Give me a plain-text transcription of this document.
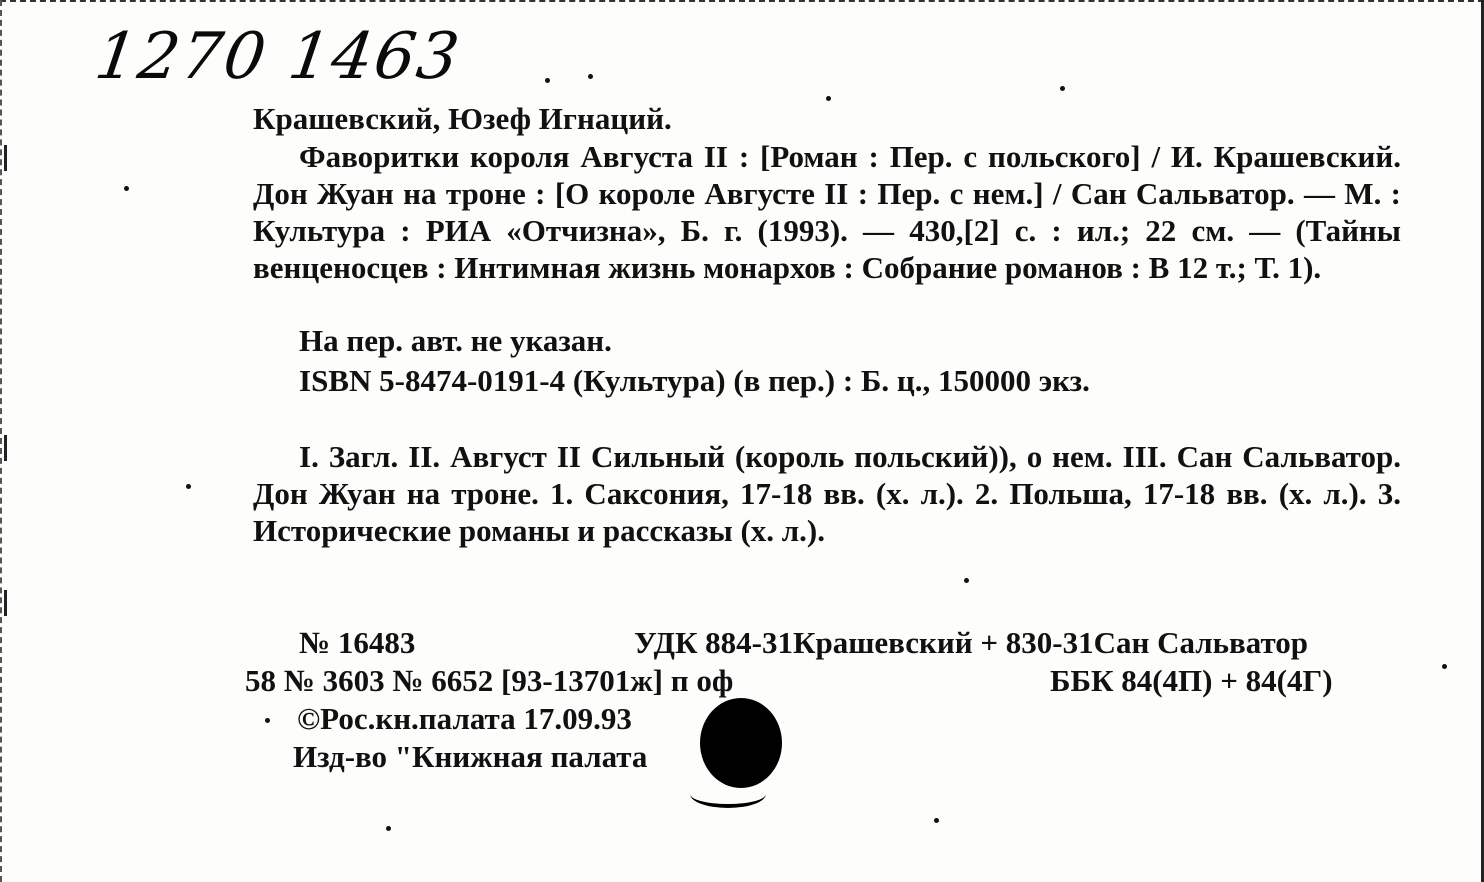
1270 1463
Крашевский, Юзеф Игнаций.
Фаворитки короля Августа II : [Роман : Пер. с польского] / И. Крашевский. Дон Жуан на троне : [О короле Августе II : Пер. с нем.] / Сан Сальватор. — М. : Культура : РИА «Отчизна», Б. г. (1993). — 430,[2] с. : ил.; 22 см. — (Тайны венценосцев : Интимная жизнь монархов : Собрание романов : В 12 т.; Т. 1).
На пер. авт. не указан.
ISBN 5-8474-0191-4 (Культура) (в пер.) : Б. ц., 150000 экз.
I. Загл. II. Август II Сильный (король польский)), о нем. III. Сан Сальватор. Дон Жуан на троне. 1. Саксония, 17-18 вв. (х. л.). 2. Польша, 17-18 вв. (х. л.). 3. Исторические романы и рассказы (х. л.).
№ 16483	УДК 884-31Крашевский + 830-31Сан Сальватор
58 № 3603 № 6652 [93-13701ж] п оф	ББК 84(4П) + 84(4Г)
©Рос.кн.палата 17.09.93
Изд-во "Книжная палата
